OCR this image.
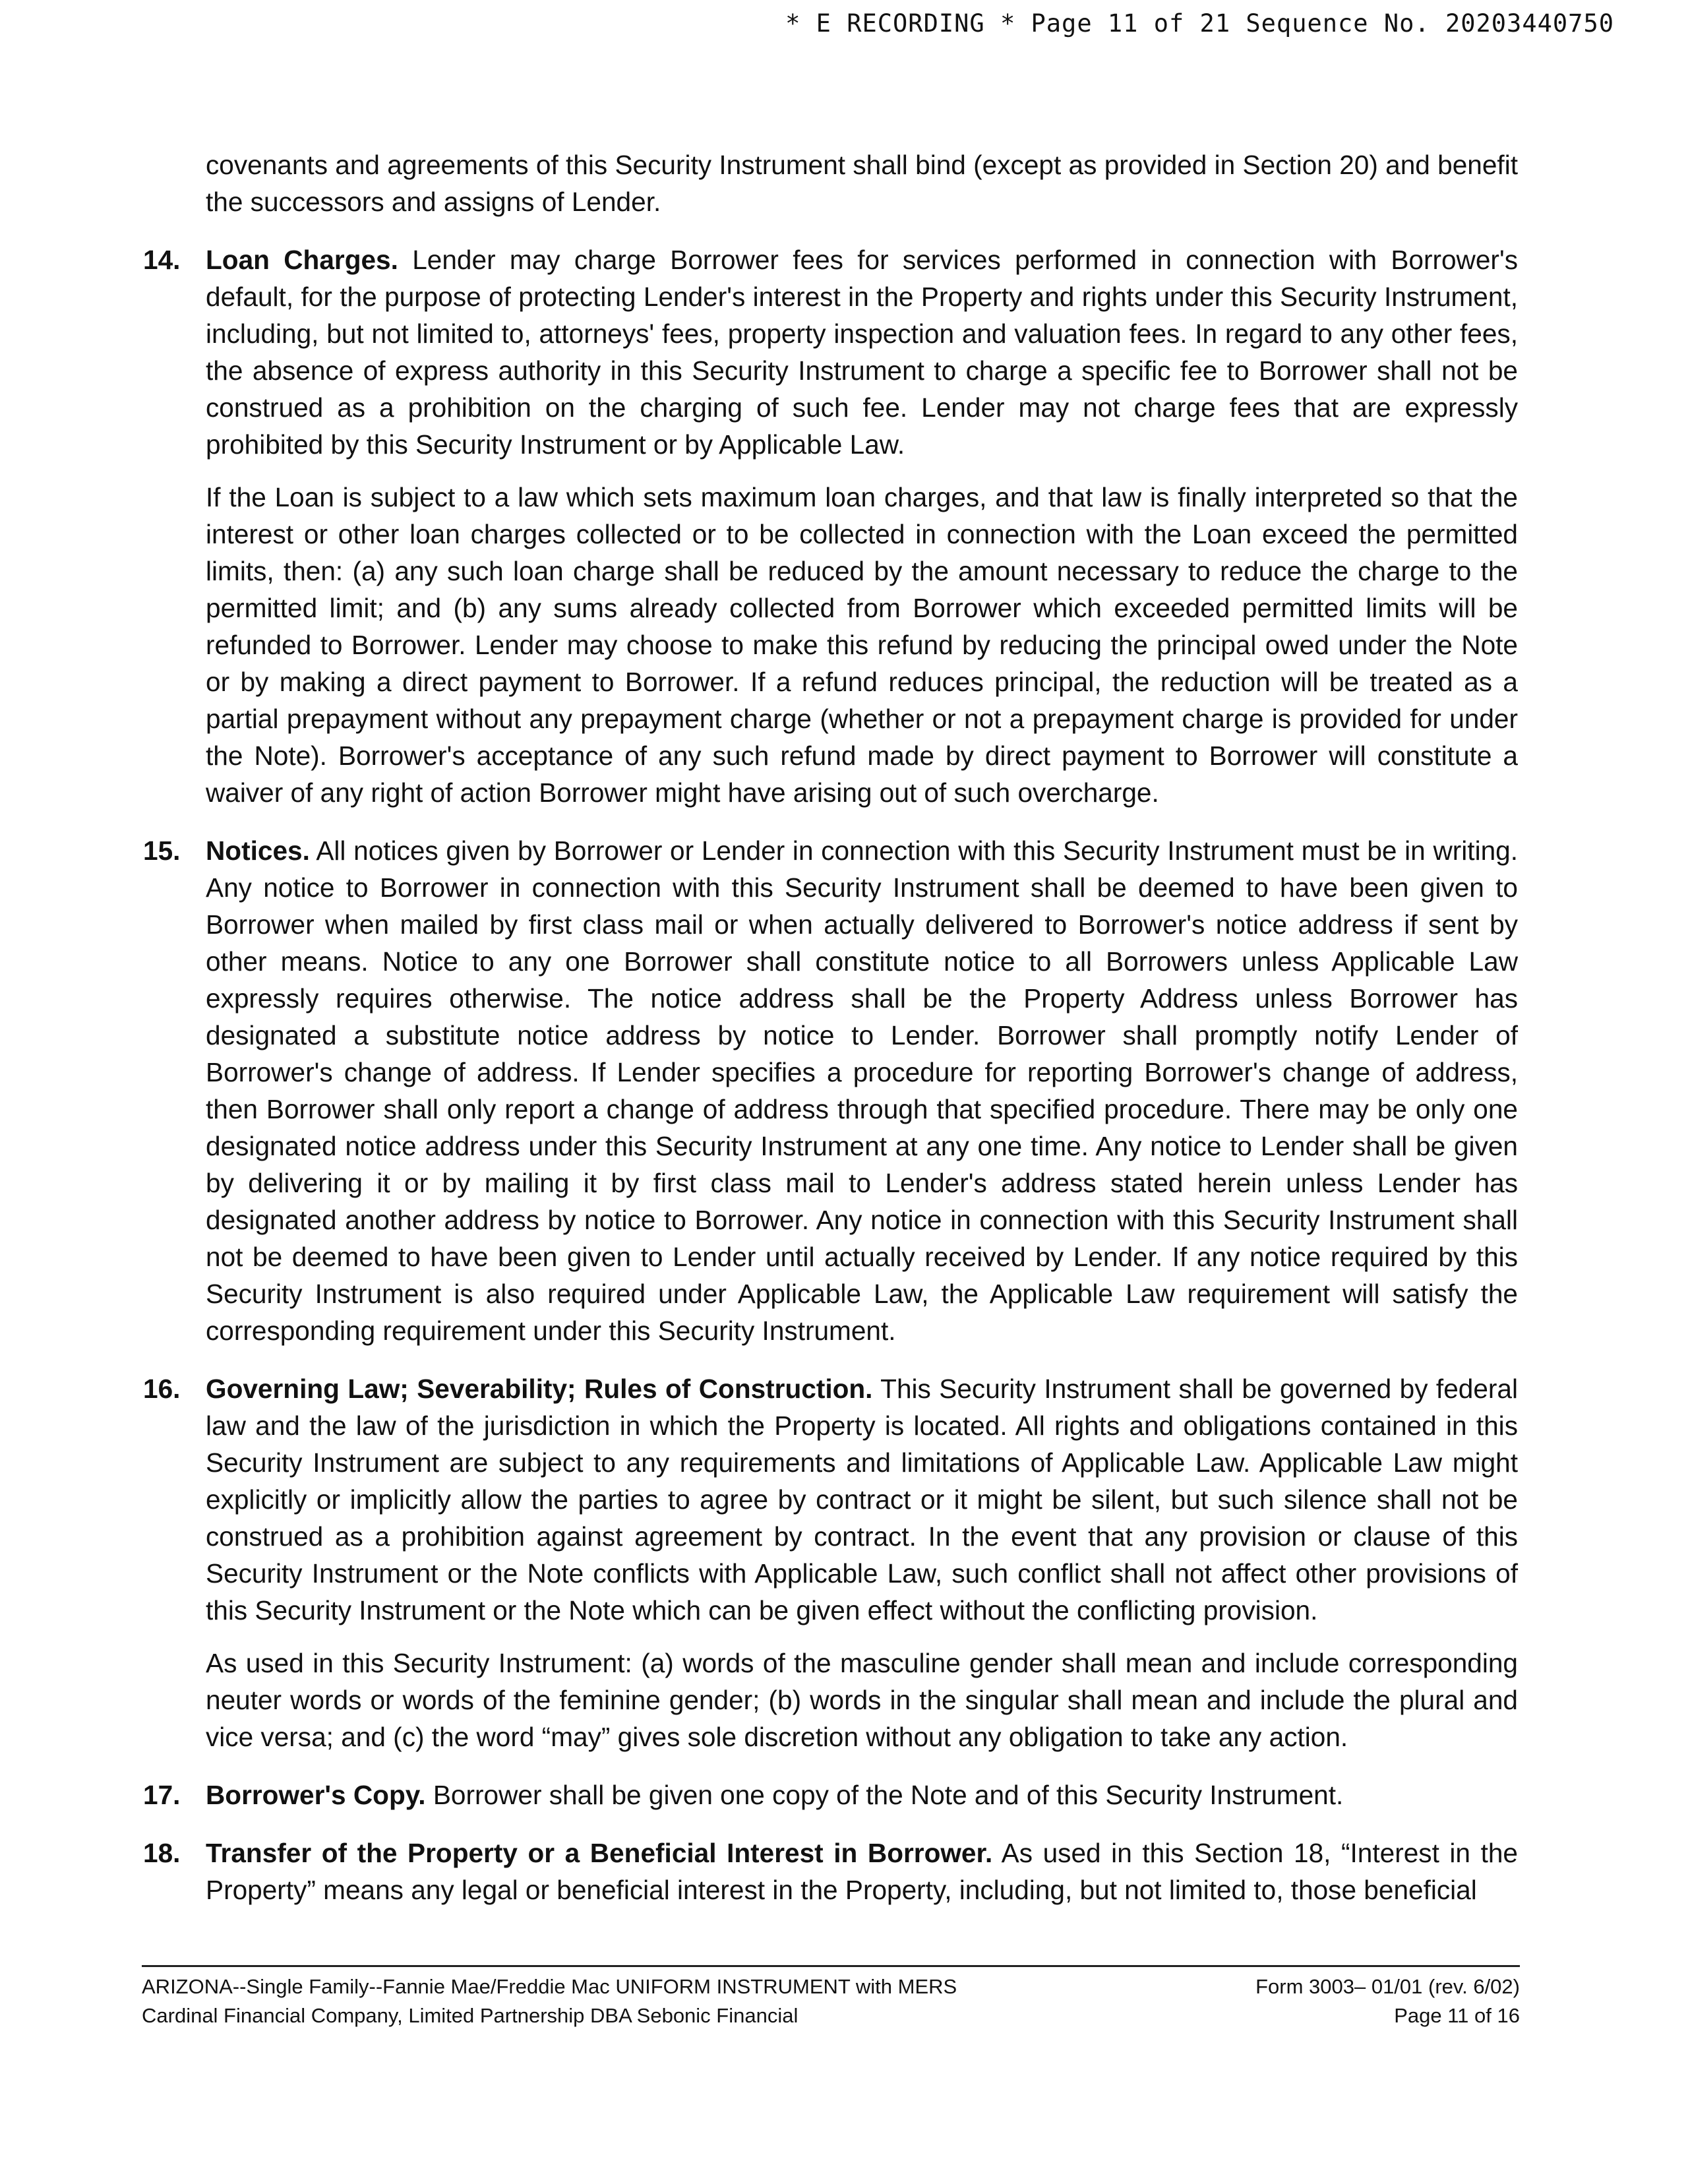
* E RECORDING * Page 11 of 21 Sequence No. 20203440750

covenants and agreements of this Security Instrument shall bind (except as provided in Section 20) and benefit the successors and assigns of Lender.

14. Loan Charges. Lender may charge Borrower fees for services performed in connection with Borrower's default, for the purpose of protecting Lender's interest in the Property and rights under this Security Instrument, including, but not limited to, attorneys' fees, property inspection and valuation fees. In regard to any other fees, the absence of express authority in this Security Instrument to charge a specific fee to Borrower shall not be construed as a prohibition on the charging of such fee. Lender may not charge fees that are expressly prohibited by this Security Instrument or by Applicable Law.

If the Loan is subject to a law which sets maximum loan charges, and that law is finally interpreted so that the interest or other loan charges collected or to be collected in connection with the Loan exceed the permitted limits, then: (a) any such loan charge shall be reduced by the amount necessary to reduce the charge to the permitted limit; and (b) any sums already collected from Borrower which exceeded permitted limits will be refunded to Borrower. Lender may choose to make this refund by reducing the principal owed under the Note or by making a direct payment to Borrower. If a refund reduces principal, the reduction will be treated as a partial prepayment without any prepayment charge (whether or not a prepayment charge is provided for under the Note). Borrower's acceptance of any such refund made by direct payment to Borrower will constitute a waiver of any right of action Borrower might have arising out of such overcharge.

15. Notices. All notices given by Borrower or Lender in connection with this Security Instrument must be in writing. Any notice to Borrower in connection with this Security Instrument shall be deemed to have been given to Borrower when mailed by first class mail or when actually delivered to Borrower's notice address if sent by other means. Notice to any one Borrower shall constitute notice to all Borrowers unless Applicable Law expressly requires otherwise. The notice address shall be the Property Address unless Borrower has designated a substitute notice address by notice to Lender. Borrower shall promptly notify Lender of Borrower's change of address. If Lender specifies a procedure for reporting Borrower's change of address, then Borrower shall only report a change of address through that specified procedure. There may be only one designated notice address under this Security Instrument at any one time. Any notice to Lender shall be given by delivering it or by mailing it by first class mail to Lender's address stated herein unless Lender has designated another address by notice to Borrower. Any notice in connection with this Security Instrument shall not be deemed to have been given to Lender until actually received by Lender. If any notice required by this Security Instrument is also required under Applicable Law, the Applicable Law requirement will satisfy the corresponding requirement under this Security Instrument.

16. Governing Law; Severability; Rules of Construction. This Security Instrument shall be governed by federal law and the law of the jurisdiction in which the Property is located. All rights and obligations contained in this Security Instrument are subject to any requirements and limitations of Applicable Law. Applicable Law might explicitly or implicitly allow the parties to agree by contract or it might be silent, but such silence shall not be construed as a prohibition against agreement by contract. In the event that any provision or clause of this Security Instrument or the Note conflicts with Applicable Law, such conflict shall not affect other provisions of this Security Instrument or the Note which can be given effect without the conflicting provision.

As used in this Security Instrument: (a) words of the masculine gender shall mean and include corresponding neuter words or words of the feminine gender; (b) words in the singular shall mean and include the plural and vice versa; and (c) the word “may” gives sole discretion without any obligation to take any action.

17. Borrower's Copy. Borrower shall be given one copy of the Note and of this Security Instrument.

18. Transfer of the Property or a Beneficial Interest in Borrower. As used in this Section 18, “Interest in the Property” means any legal or beneficial interest in the Property, including, but not limited to, those beneficial

ARIZONA--Single Family--Fannie Mae/Freddie Mac UNIFORM INSTRUMENT with MERS	Form 3003– 01/01 (rev. 6/02)
Cardinal Financial Company, Limited Partnership DBA Sebonic Financial	Page 11 of 16
